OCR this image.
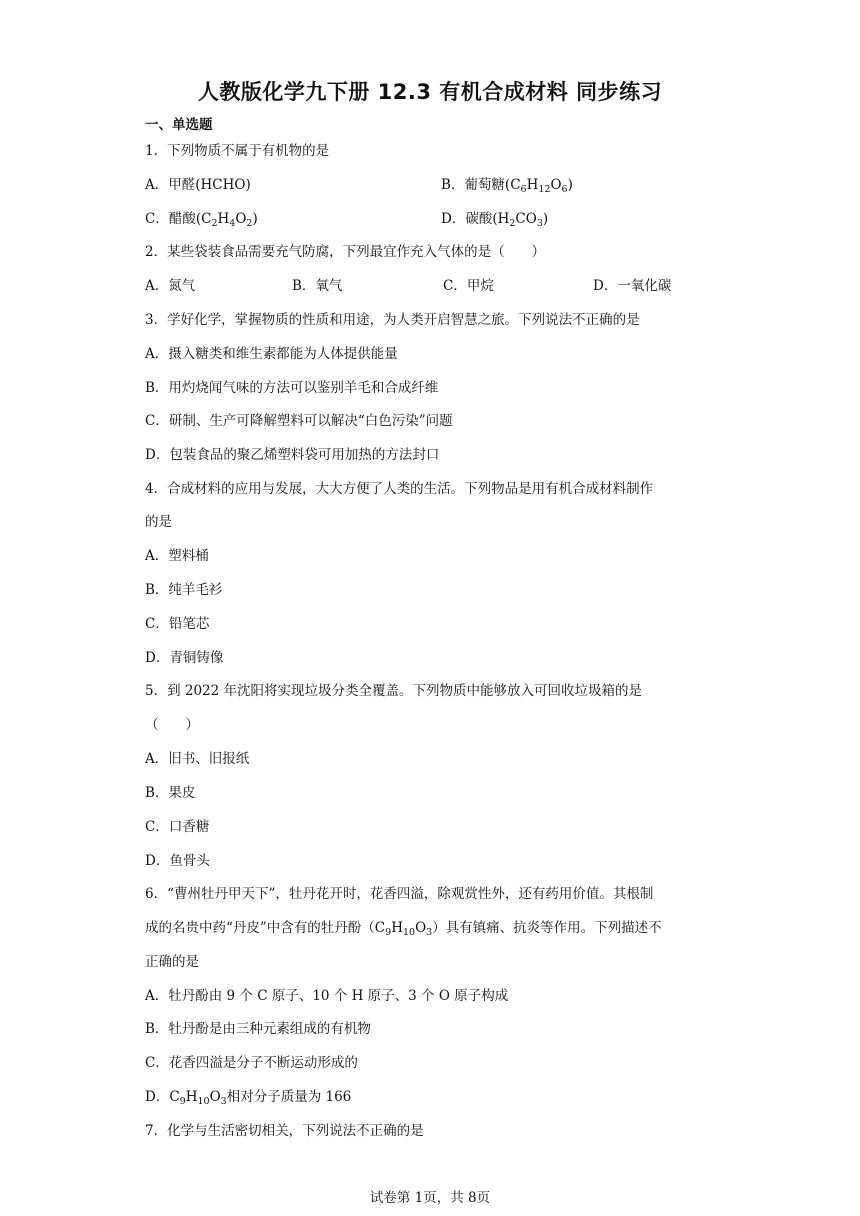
人教版化学九下册 12.3 有机合成材料 同步练习
一、单选题
1．下列物质不属于有机物的是
A．甲醛(HCHO)	B．葡萄糖$(C_6H_{12}O_6)$
C．醋酸$(C_2H_4O_2)$	D．碳酸$(H_2CO_3)$
2．某些袋装食品需要充气防腐，下列最宜作充入气体的是（　　）
A．氮气	B．氧气	C．甲烷	D．一氧化碳
3．学好化学，掌握物质的性质和用途，为人类开启智慧之旅。下列说法不正确的是
A．摄入糖类和维生素都能为人体提供能量
B．用灼烧闻气味的方法可以鉴别羊毛和合成纤维
C．研制、生产可降解塑料可以解决“白色污染”问题
D．包装食品的聚乙烯塑料袋可用加热的方法封口
4．合成材料的应用与发展，大大方便了人类的生活。下列物品是用有机合成材料制作
的是
A．塑料桶
B．纯羊毛衫
C．铅笔芯
D．青铜铸像
5．到 2022 年沈阳将实现垃圾分类全覆盖。下列物质中能够放入可回收垃圾箱的是
（　　）
A．旧书、旧报纸
B．果皮
C．口香糖
D．鱼骨头
6．“曹州牡丹甲天下”，牡丹花开时，花香四溢，除观赏性外，还有药用价值。其根制
成的名贵中药“丹皮”中含有的牡丹酚$(C_9H_{10}O_3)$具有镇痛、抗炎等作用。下列描述不
正确的是
A．牡丹酚由 9 个 C 原子、10 个 H 原子、3 个 O 原子构成
B．牡丹酚是由三种元素组成的有机物
C．花香四溢是分子不断运动形成的
D．$C_9H_{10}O_3$相对分子质量为 166
7．化学与生活密切相关，下列说法不正确的是
试卷第 1页，共 8页
